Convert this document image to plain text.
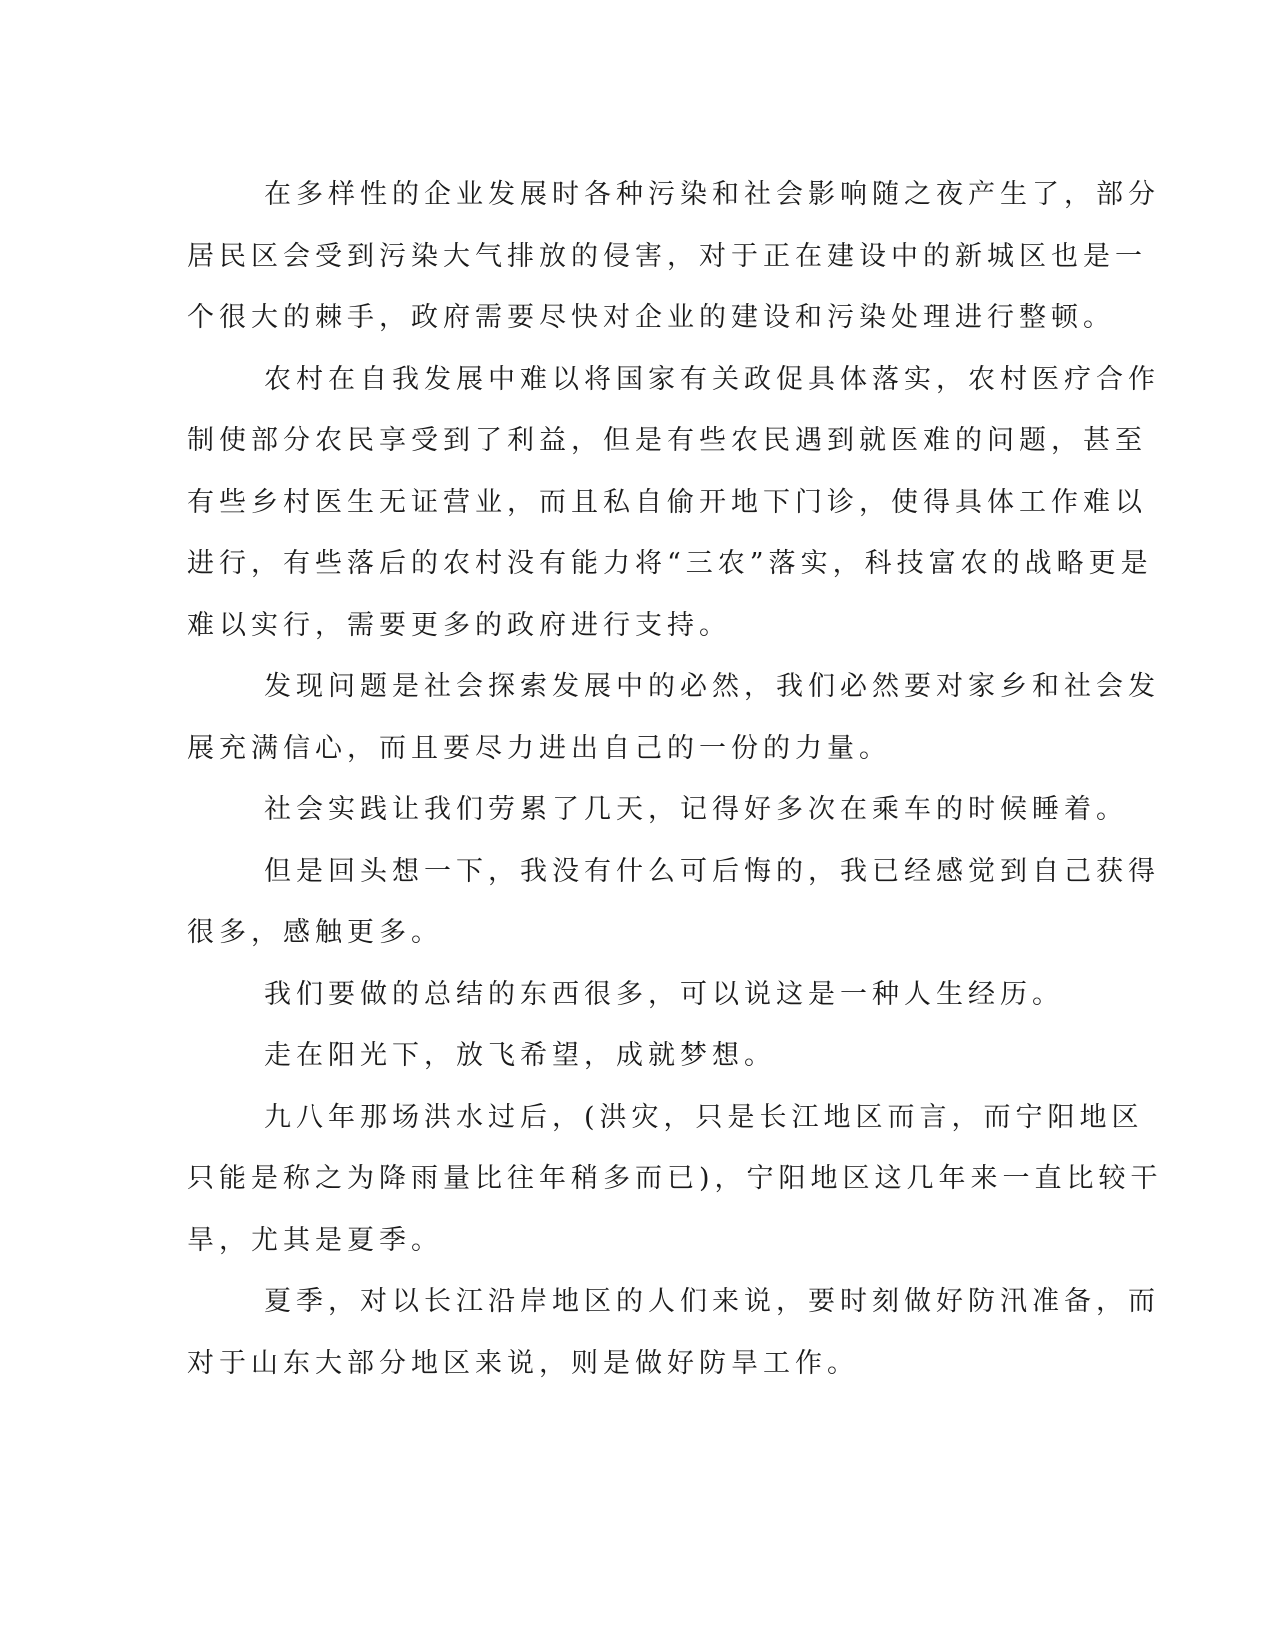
在多样性的企业发展时各种污染和社会影响随之夜产生了，部分
居民区会受到污染大气排放的侵害，对于正在建设中的新城区也是一
个很大的棘手，政府需要尽快对企业的建设和污染处理进行整顿。
农村在自我发展中难以将国家有关政促具体落实，农村医疗合作
制使部分农民享受到了利益，但是有些农民遇到就医难的问题，甚至
有些乡村医生无证营业，而且私自偷开地下门诊，使得具体工作难以
进行，有些落后的农村没有能力将“三农”落实，科技富农的战略更是
难以实行，需要更多的政府进行支持。
发现问题是社会探索发展中的必然，我们必然要对家乡和社会发
展充满信心，而且要尽力进出自己的一份的力量。
社会实践让我们劳累了几天，记得好多次在乘车的时候睡着。
但是回头想一下，我没有什么可后悔的，我已经感觉到自己获得
很多，感触更多。
我们要做的总结的东西很多，可以说这是一种人生经历。
走在阳光下，放飞希望，成就梦想。
九八年那场洪水过后，(洪灾，只是长江地区而言，而宁阳地区
只能是称之为降雨量比往年稍多而已)，宁阳地区这几年来一直比较干
旱，尤其是夏季。
夏季，对以长江沿岸地区的人们来说，要时刻做好防汛准备，而
对于山东大部分地区来说，则是做好防旱工作。
